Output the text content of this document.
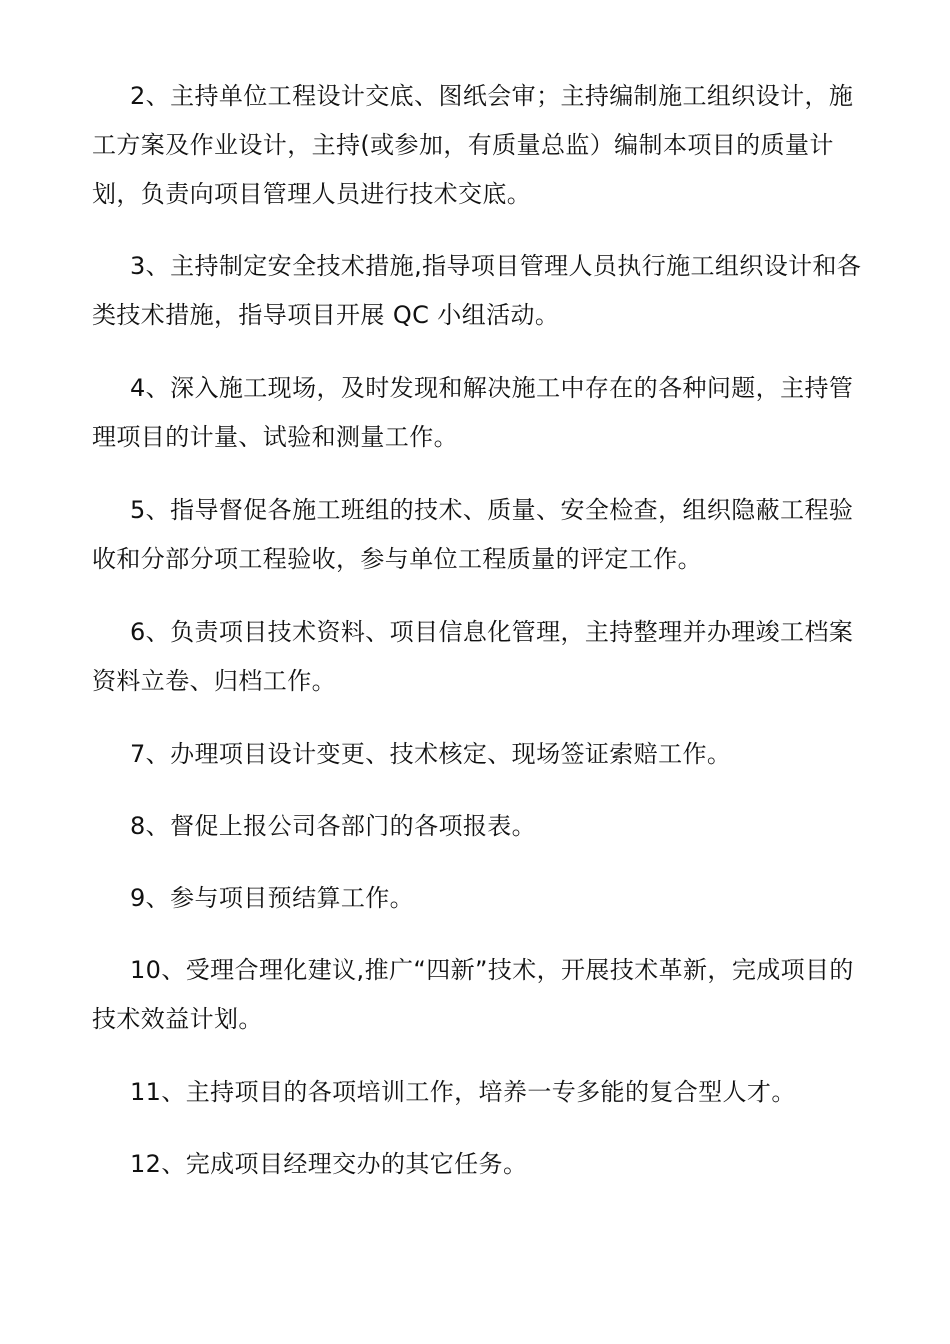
2、主持单位工程设计交底、图纸会审；主持编制施工组织设计，施工方案及作业设计，主持(或参加，有质量总监）编制本项目的质量计划，负责向项目管理人员进行技术交底。

3、主持制定安全技术措施,指导项目管理人员执行施工组织设计和各类技术措施，指导项目开展 QC 小组活动。

4、深入施工现场，及时发现和解决施工中存在的各种问题，主持管理项目的计量、试验和测量工作。

5、指导督促各施工班组的技术、质量、安全检查，组织隐蔽工程验收和分部分项工程验收，参与单位工程质量的评定工作。

6、负责项目技术资料、项目信息化管理，主持整理并办理竣工档案资料立卷、归档工作。

7、办理项目设计变更、技术核定、现场签证索赔工作。

8、督促上报公司各部门的各项报表。

9、参与项目预结算工作。

10、受理合理化建议,推广“四新”技术，开展技术革新，完成项目的技术效益计划。

11、主持项目的各项培训工作，培养一专多能的复合型人才。

12、完成项目经理交办的其它任务。
